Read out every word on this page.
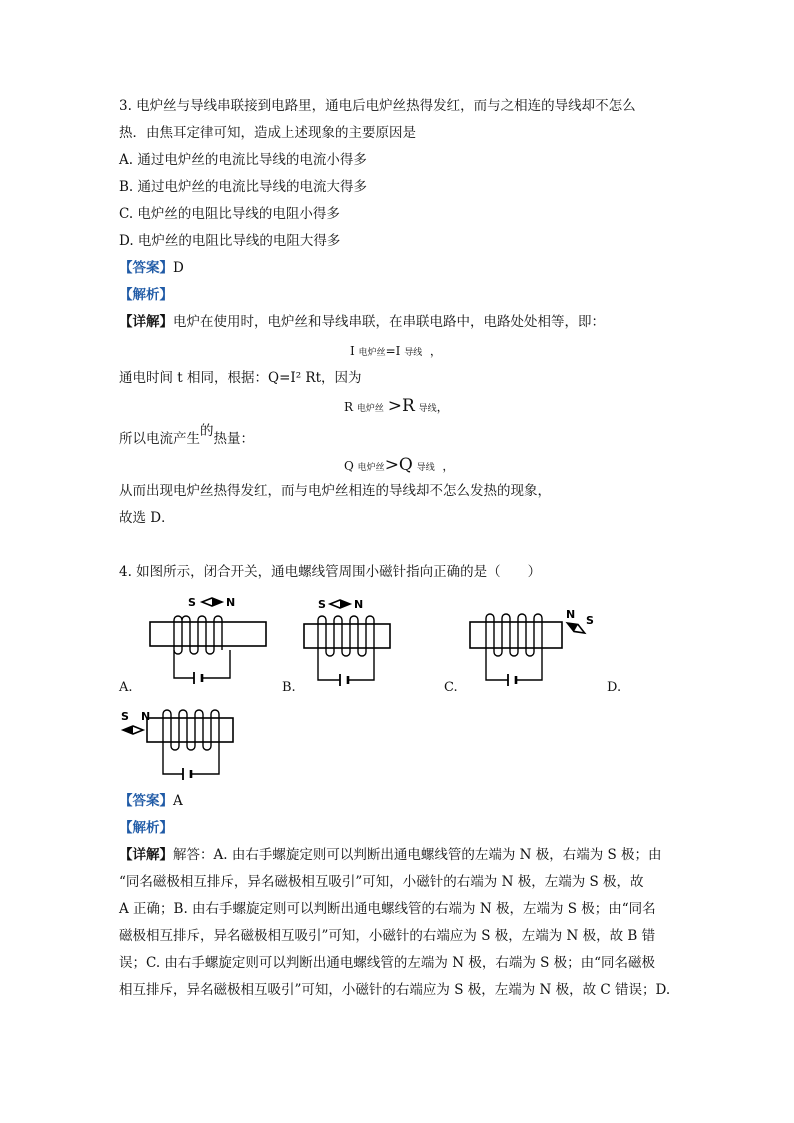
3. 电炉丝与导线串联接到电路里，通电后电炉丝热得发红，而与之相连的导线却不怎么
热．由焦耳定律可知，造成上述现象的主要原因是
A. 通过电炉丝的电流比导线的电流小得多
B. 通过电炉丝的电流比导线的电流大得多
C. 电炉丝的电阻比导线的电阻小得多
D. 电炉丝的电阻比导线的电阻大得多
【答案】D
【解析】
【详解】电炉在使用时，电炉丝和导线串联，在串联电路中，电路处处相等，即：
I 电炉丝=I 导线 ，
通电时间 t 相同，根据：Q=I² Rt，因为
R 电炉丝 >R 导线，
所以电流产生的热量：
Q 电炉丝>Q 导线 ，
从而出现电炉丝热得发红，而与电炉丝相连的导线却不怎么发热的现象，
故选 D．
4. 如图所示，闭合开关，通电螺线管周围小磁针指向正确的是（　　）
S	N
A.
S	N
B.
N S
C.	D.
S N
【答案】A
【解析】
【详解】解答：A. 由右手螺旋定则可以判断出通电螺线管的左端为 N 极，右端为 S 极；由
“同名磁极相互排斥，异名磁极相互吸引”可知，小磁针的右端为 N 极，左端为 S 极，故
A 正确；B. 由右手螺旋定则可以判断出通电螺线管的右端为 N 极，左端为 S 极；由“同名
磁极相互排斥，异名磁极相互吸引”可知，小磁针的右端应为 S 极，左端为 N 极，故 B 错
误；C. 由右手螺旋定则可以判断出通电螺线管的左端为 N 极，右端为 S 极；由“同名磁极
相互排斥，异名磁极相互吸引”可知，小磁针的右端应为 S 极，左端为 N 极，故 C 错误；D.
